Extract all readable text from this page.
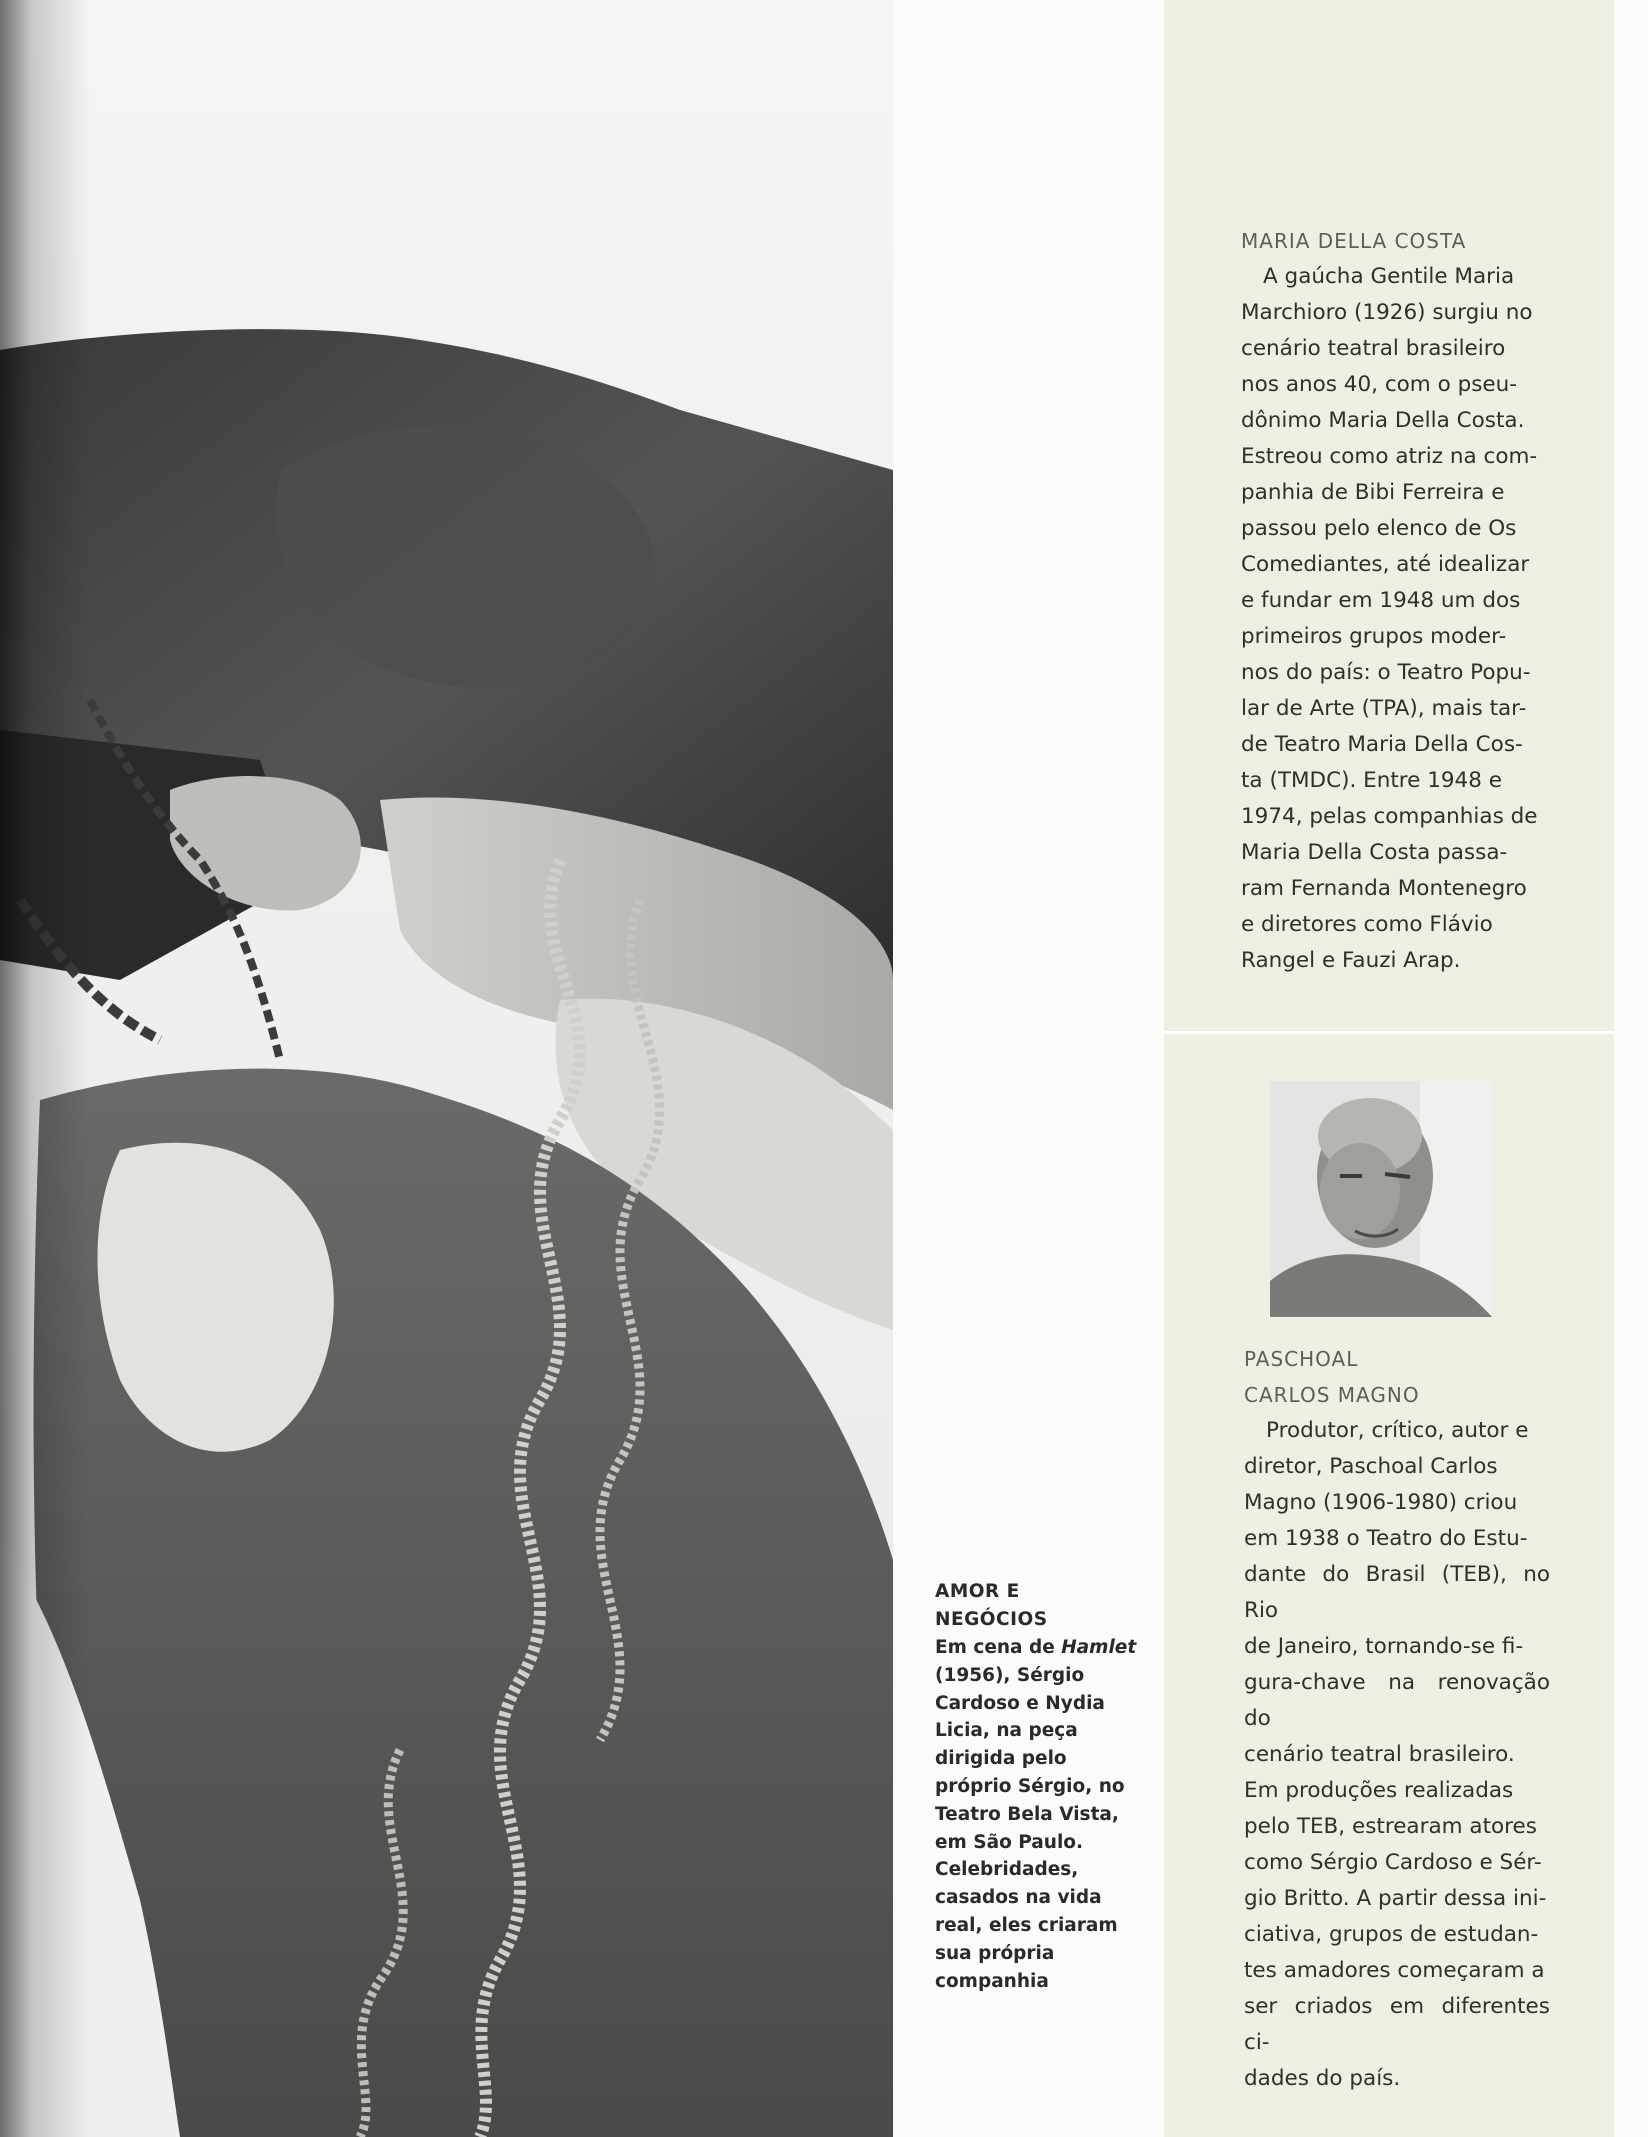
MARIA DELLA COSTA
A gaúcha Gentile Maria
Marchioro (1926) surgiu no
cenário teatral brasileiro
nos anos 40, com o pseu-
dônimo Maria Della Costa.
Estreou como atriz na com-
panhia de Bibi Ferreira e
passou pelo elenco de Os
Comediantes, até idealizar
e fundar em 1948 um dos
primeiros grupos moder-
nos do país: o Teatro Popu-
lar de Arte (TPA), mais tar-
de Teatro Maria Della Cos-
ta (TMDC). Entre 1948 e
1974, pelas companhias de
Maria Della Costa passa-
ram Fernanda Montenegro
e diretores como Flávio
Rangel e Fauzi Arap.
PASCHOAL
CARLOS MAGNO
Produtor, crítico, autor e
diretor, Paschoal Carlos
Magno (1906-1980) criou
em 1938 o Teatro do Estu-
dante do Brasil (TEB), no Rio
de Janeiro, tornando-se fi-
gura-chave na renovação do
cenário teatral brasileiro.
Em produções realizadas
pelo TEB, estrearam atores
como Sérgio Cardoso e Sér-
gio Britto. A partir dessa ini-
ciativa, grupos de estudan-
tes amadores começaram a
ser criados em diferentes ci-
dades do país.
AMOR E
NEGÓCIOS
Em cena de Hamlet (1956), Sérgio Cardoso e Nydia Licia, na peça dirigida pelo próprio Sérgio, no Teatro Bela Vista, em São Paulo. Celebridades, casados na vida real, eles criaram sua própria companhia
